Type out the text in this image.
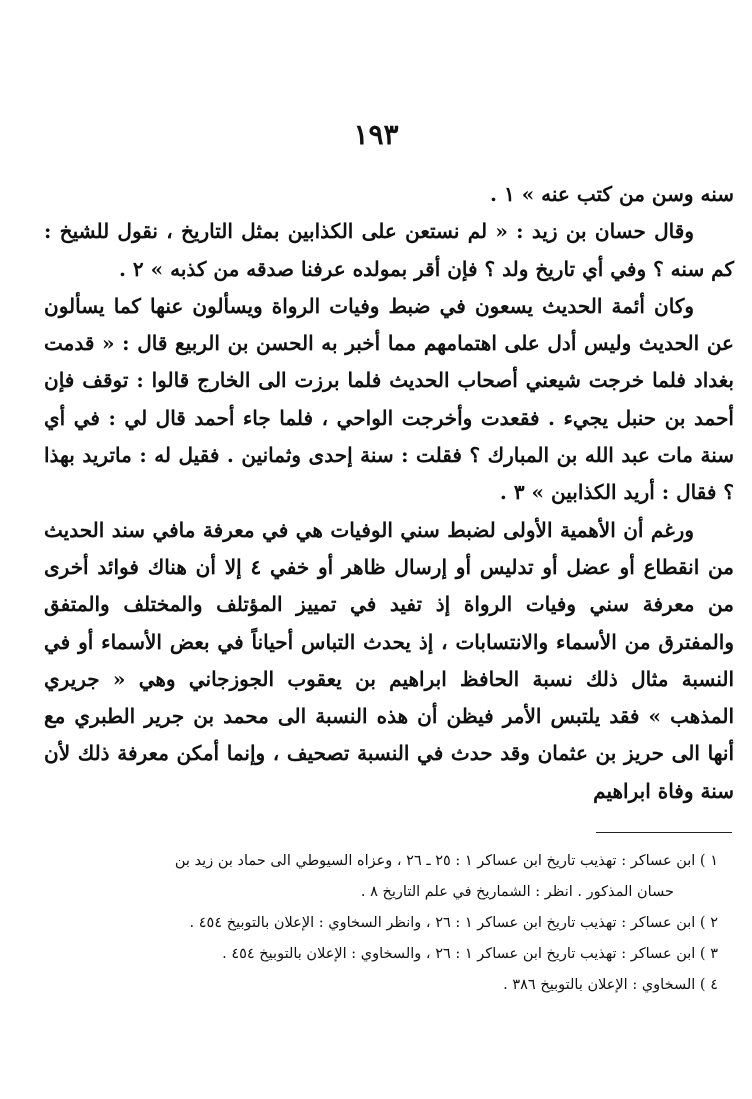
١٩٣

سنه وسن من كتب عنه » ١ .

وقال حسان بن زيد : « لم نستعن على الكذابين بمثل التاريخ ، نقول للشيخ : كم سنه ؟ وفي أي تاريخ ولد ؟ فإن أقر بمولده عرفنا صدقه من كذبه » ٢ .

وكان أئمة الحديث يسعون في ضبط وفيات الرواة ويسألون عنها كما يسألون عن الحديث وليس أدل على اهتمامهم مما أخبر به الحسن بن الربيع قال : « قدمت بغداد فلما خرجت شيعني أصحاب الحديث فلما برزت الى الخارج قالوا : توقف فإن أحمد بن حنبل يجيء . فقعدت وأخرجت الواحي ، فلما جاء أحمد قال لي : في أي سنة مات عبد الله بن المبارك ؟ فقلت : سنة إحدى وثمانين . فقيل له : ماتريد بهذا ؟ فقال : أريد الكذابين » ٣ .

ورغم أن الأهمية الأولى لضبط سني الوفيات هي في معرفة مافي سند الحديث من انقطاع أو عضل أو تدليس أو إرسال ظاهر أو خفي ٤ إلا أن هناك فوائد أخرى من معرفة سني وفيات الرواة إذ تفيد في تمييز المؤتلف والمختلف والمتفق والمفترق من الأسماء والانتسابات ، إذ يحدث التباس أحياناً في بعض الأسماء أو في النسبة مثال ذلك نسبة الحافظ ابراهيم بن يعقوب الجوزجاني وهي « جريري المذهب » فقد يلتبس الأمر فيظن أن هذه النسبة الى محمد بن جرير الطبري مع أنها الى حريز بن عثمان وقد حدث في النسبة تصحيف ، وإنما أمكن معرفة ذلك لأن سنة وفاة ابراهيم

١ ) ابن عساكر : تهذيب تاريخ ابن عساكر ١ : ٢٥ ـ ٢٦ ، وعزاه السيوطي الى حماد بن زيد بن

حسان المذكور . انظر : الشماريخ في علم التاريخ ٨ .

٢ ) ابن عساكر : تهذيب تاريخ ابن عساكر ١ : ٢٦ ، وانظر السخاوي : الإعلان بالتوبيخ ٤٥٤ .

٣ ) ابن عساكر : تهذيب تاريخ ابن عساكر ١ : ٢٦ ، والسخاوي : الإعلان بالتوبيخ ٤٥٤ .

٤ ) السخاوي : الإعلان بالتوبيخ ٣٨٦ .
